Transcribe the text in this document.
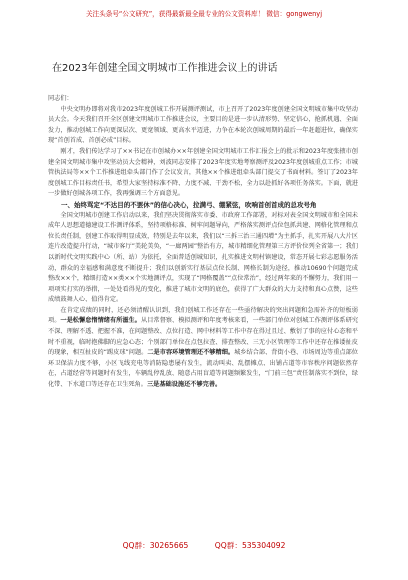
关注头条号“公文研究”，获得最新最全最专业的公文资料库！ 微信：gongwenyj
在2023年创建全国文明城市工作推进会议上的讲话

同志们：

中央文明办即将对我市2023年度创城工作开展测评测试，市上召开了2023年度创建全国文明城市集中攻坚动员大会。今天我们召开全区创建文明城市工作推进会议，主要目的是进一步认清形势、坚定信心，抢抓机遇、全面发力，推动创城工作向更深层次、更宽领域、更高水平迈进，力争在本轮次创城周期的最后一年赶超进位，确保实现“首创首成、首创必成”目标。

刚才，我们传达学习了××书记在市创城办××年创建全国文明城市工作汇报会上的批示和2023年度张掖市创建全国文明城市集中攻坚动员大会精神，刘波同志安排了2023年度实地考察测评及2023年度创城重点工作；市城管执法局等××个工作推进组牵头部门作了会议发言，其他××个推进组牵头部门提交了书面材料。签订了2023年度创城工作目标责任书，希望大家坚持标准不降、力度不减、干劲不松，全力以赴抓好各项任务落实。下面，就进一步做好创城各项工作，我再强调三个方面意见。

一、始终骂定“不达目的不罢休”的信心决心，拉满弓、绷紧弦，吹响首创首成的总攻号角

全国文明城市创建工作启动以来，我们坚决贯彻落实市委、市政府工作部署，对标对表全国文明城市和全国未成年人思想道德建设工作测评体系，坚持项格标准、树牢问题导向，严格落实测评点位包抓共建、网格化管理和点位长责任制，创建工作取得明显成效，特别是去年以来，我们以“三拆三治三通四增”为主抓手，扎实开展八大片区连片改造提升行动，“城市客厅”美轮美奂，“一廊两园”整治有方，城市精细化管理第三方评价位列全省第一；我们以新时代文明实践中心（所、站）为依托，全面普适创城知识，扎实推进文明村镇建设，常态开展七彩志愿服务活动，群众的幸福感和满意度不断提升；我们以创新实行基层点位长制、网格长制为途径，推动10690个问题完成整改××个，精细打造××类××个实地测评点，实现了“网格覆盖”“点位常治”，经过两年来的不懈努力，我们用一项项实打实的举措，一处处看得见的变化，推进了城市文明的底色，获得了广大群众的大力支持和真心点赞，这些成绩鼓舞人心、值得肯定。

在肯定成绩的同时，还必须清醒认识到，我们创城工作还存在一些亟待解决的突出问题和急需补齐的短板弱项。一是松懈怠惰情绪有所滋生。从目常督察、模拟测评和年度考核来看，一些部门单位对创城工作测评体系研究不深、理解不透、把握不准，在问题整改、点位打造、网中材料等工作中存在得过且过、敷衍了事的应付心态和平时不重视，临时抱佛脚的应急心态；个别部门单位在点包拉查、排查整改、三无小区管理等工作中还存在推诿扯皮的现象，相互扯皮的“踢皮球”问题。二是市容环境管理还不够精细。城乡结合部、背街小巷、市场周边等重点部位环卫保洁力度不够，小区飞线充电等消防隐患屡有发生，流动叫卖、乱摆摊点、出铺占道等市容秩序问题依然存在，占道经营等问题时有发生，车辆乱停乱放、随意占用盲道等问题频繁发生，“门前三包”责任制落实不到位，绿化带、下水道口等还存在卫生死角。三是基础设施还不够完善。

QQ群：30265665	QQ群：535304092
